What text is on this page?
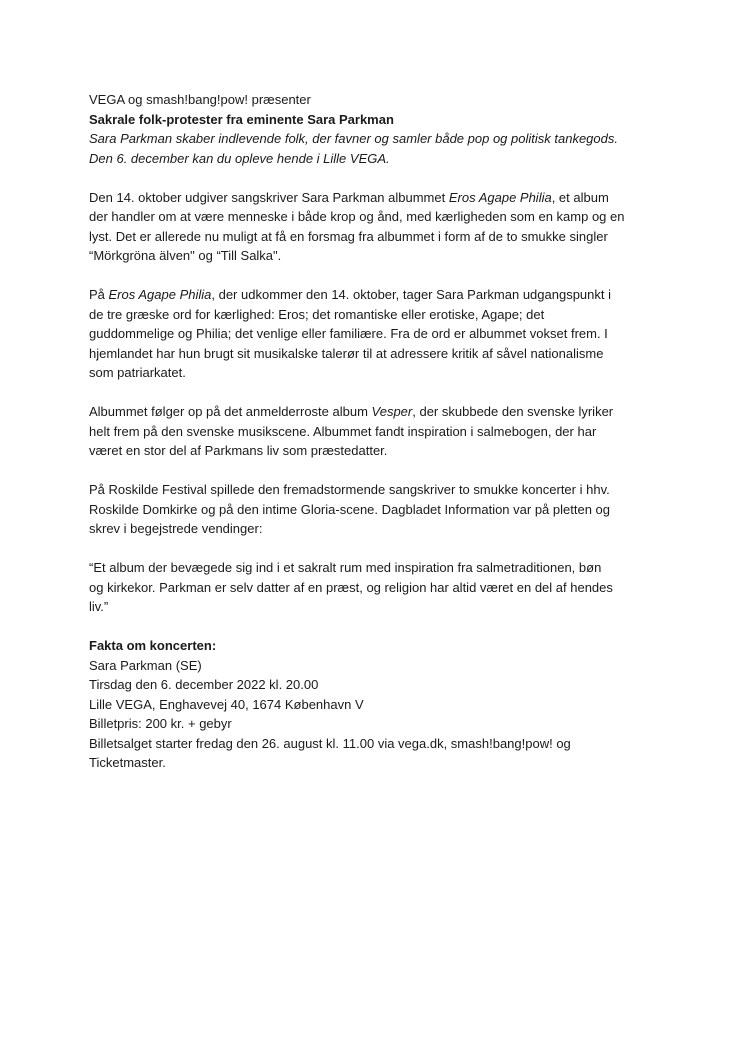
VEGA og smash!bang!pow! præsenter
Sakrale folk-protester fra eminente Sara Parkman
Sara Parkman skaber indlevende folk, der favner og samler både pop og politisk tankegods.
Den 6. december kan du opleve hende i Lille VEGA.
Den 14. oktober udgiver sangskriver Sara Parkman albummet Eros Agape Philia, et album
der handler om at være menneske i både krop og ånd, med kærligheden som en kamp og en
lyst. Det er allerede nu muligt at få en forsmag fra albummet i form af de to smukke singler
“Mörkgröna älven" og “Till Salka".
På Eros Agape Philia, der udkommer den 14. oktober, tager Sara Parkman udgangspunkt i
de tre græske ord for kærlighed: Eros; det romantiske eller erotiske, Agape; det
guddommelige og Philia; det venlige eller familiære. Fra de ord er albummet vokset frem. I
hjemlandet har hun brugt sit musikalske talerør til at adressere kritik af såvel nationalisme
som patriarkatet.
Albummet følger op på det anmelderroste album Vesper, der skubbede den svenske lyriker
helt frem på den svenske musikscene. Albummet fandt inspiration i salmebogen, der har
været en stor del af Parkmans liv som præstedatter.
På Roskilde Festival spillede den fremadstormende sangskriver to smukke koncerter i hhv.
Roskilde Domkirke og på den intime Gloria-scene. Dagbladet Information var på pletten og
skrev i begejstrede vendinger:
“Et album der bevægede sig ind i et sakralt rum med inspiration fra salmetraditionen, bøn
og kirkekor. Parkman er selv datter af en præst, og religion har altid været en del af hendes
liv.”
Fakta om koncerten:
Sara Parkman (SE)
Tirsdag den 6. december 2022 kl. 20.00
Lille VEGA, Enghavevej 40, 1674 København V
Billetpris: 200 kr. + gebyr
Billetsalget starter fredag den 26. august kl. 11.00 via vega.dk, smash!bang!pow! og
Ticketmaster.
